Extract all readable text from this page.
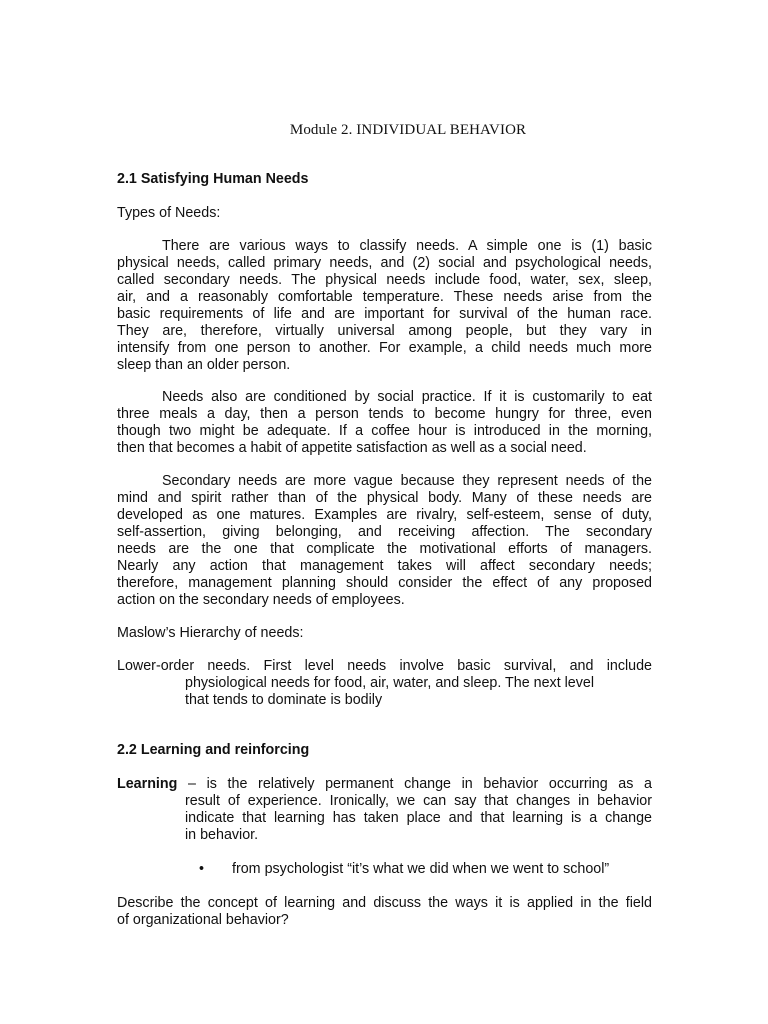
Module 2. INDIVIDUAL BEHAVIOR
2.1 Satisfying Human Needs
Types of Needs:
There are various ways to classify needs. A simple one is (1) basic
physical needs, called primary needs, and (2) social and psychological needs,
called secondary needs. The physical needs include food, water, sex, sleep,
air, and a reasonably comfortable temperature. These needs arise from the
basic requirements of life and are important for survival of the human race.
They are, therefore, virtually universal among people, but they vary in
intensify from one person to another. For example, a child needs much more
sleep than an older person.
Needs also are conditioned by social practice. If it is customarily to eat
three meals a day, then a person tends to become hungry for three, even
though two might be adequate. If a coffee hour is introduced in the morning,
then that becomes a habit of appetite satisfaction as well as a social need.
Secondary needs are more vague because they represent needs of the
mind and spirit rather than of the physical body. Many of these needs are
developed as one matures. Examples are rivalry, self-esteem, sense of duty,
self-assertion, giving belonging, and receiving affection. The secondary
needs are the one that complicate the motivational efforts of managers.
Nearly any action that management takes will affect secondary needs;
therefore, management planning should consider the effect of any proposed
action on the secondary needs of employees.
Maslow’s Hierarchy of needs:
Lower-order needs. First level needs involve basic survival, and include
physiological needs for food, air, water, and sleep. The next level
that tends to dominate is bodily
2.2 Learning and reinforcing
Learning – is the relatively permanent change in behavior occurring as a
result of experience. Ironically, we can say that changes in behavior
indicate that learning has taken place and that learning is a change
in behavior.
• from psychologist “it’s what we did when we went to school”
Describe the concept of learning and discuss the ways it is applied in the field
of organizational behavior?
